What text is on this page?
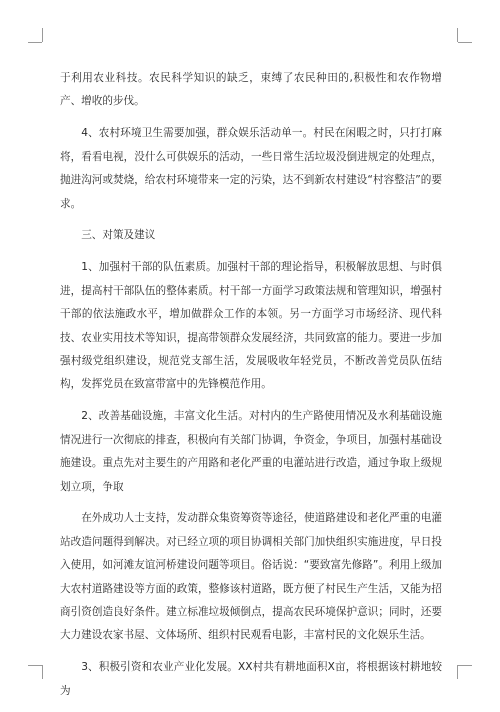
于利用农业科技。农民科学知识的缺乏，束缚了农民种田的,积极性和农作物增产、增收的步伐。

4、农村环境卫生需要加强，群众娱乐活动单一。村民在闲暇之时，只打打麻将，看看电视，没什么可供娱乐的活动，一些日常生活垃圾没倒进规定的处理点，抛进沟河或焚烧，给农村环境带来一定的污染，达不到新农村建设“村容整洁”的要求。

三、对策及建议

1、加强村干部的队伍素质。加强村干部的理论指导，积极解放思想、与时俱进，提高村干部队伍的整体素质。村干部一方面学习政策法规和管理知识，增强村干部的依法施政水平，增加做群众工作的本领。另一方面学习市场经济、现代科技、农业实用技术等知识，提高带领群众发展经济，共同致富的能力。要进一步加强村级党组织建设，规范党支部生活，发展吸收年轻党员，不断改善党员队伍结构，发挥党员在致富带富中的先锋模范作用。

2、改善基础设施，丰富文化生活。对村内的生产路使用情况及水利基础设施情况进行一次彻底的排查，积极向有关部门协调，争资金，争项目，加强村基础设施建设。重点先对主要生的产用路和老化严重的电灌站进行改造，通过争取上级规划立项，争取

在外成功人士支持，发动群众集资筹资等途径，使道路建设和老化严重的电灌站改造问题得到解决。对已经立项的项目协调相关部门加快组织实施进度，早日投入使用，如河滩友谊河桥建设问题等项目。俗话说：“要致富先修路”。利用上级加大农村道路建设等方面的政策，整修该村道路，既方便了村民生产生活，又能为招商引资创造良好条件。建立标准垃圾倾倒点，提高农民环境保护意识；同时，还要大力建设农家书屋、文体场所、组织村民观看电影，丰富村民的文化娱乐生活。

3、积极引资和农业产业化发展。XX村共有耕地面积X亩，将根据该村耕地较为
